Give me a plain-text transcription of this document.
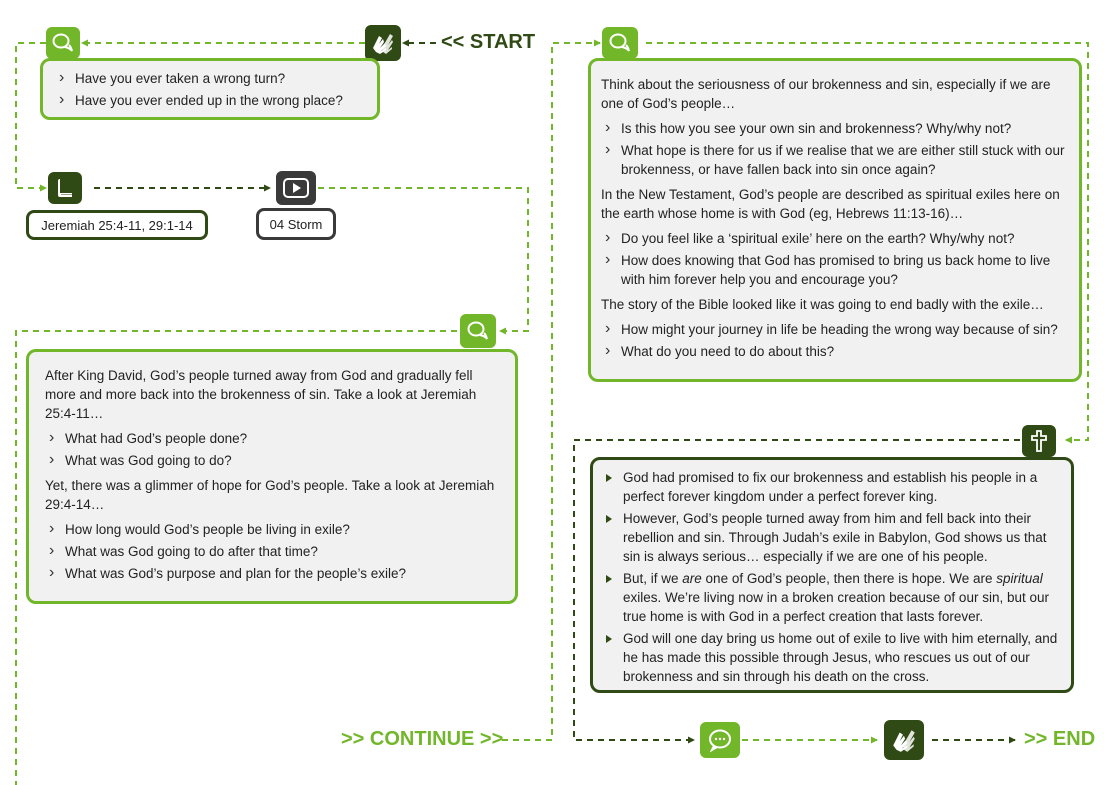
<< START
› Have you ever taken a wrong turn?
› Have you ever ended up in the wrong place?
Jeremiah 25:4-11, 29:1-14	04 Storm

After King David, God’s people turned away from God and gradually fell more and more back into the brokenness of sin. Take a look at Jeremiah 25:4-11…

› What had God’s people done?
› What was God going to do?

Yet, there was a glimmer of hope for God’s people. Take a look at Jeremiah 29:4-14…

› How long would God’s people be living in exile?
› What was God going to do after that time?
› What was God’s purpose and plan for the people’s exile?
>> CONTINUE >>

Think about the seriousness of our brokenness and sin, especially if we are one of God’s people…

› Is this how you see your own sin and brokenness? Why/why not?
› What hope is there for us if we realise that we are either still stuck with our brokenness, or have fallen back into sin once again?

In the New Testament, God’s people are described as spiritual exiles here on the earth whose home is with God (eg, Hebrews 11:13-16)…

› Do you feel like a ‘spiritual exile’ here on the earth? Why/why not?
› How does knowing that God has promised to bring us back home to live with him forever help you and encourage you?

The story of the Bible looked like it was going to end badly with the exile…

› How might your journey in life be heading the wrong way because of sin?
› What do you need to do about this?
God had promised to fix our brokenness and establish his people in a perfect forever kingdom under a perfect forever king.
However, God’s people turned away from him and fell back into their rebellion and sin. Through Judah’s exile in Babylon, God shows us that sin is always serious… especially if we are one of his people.
But, if we are one of God’s people, then there is hope. We are spiritual exiles. We’re living now in a broken creation because of our sin, but our true home is with God in a perfect creation that lasts forever.
God will one day bring us home out of exile to live with him eternally, and he has made this possible through Jesus, who rescues us out of our brokenness and sin through his death on the cross.
>> END
